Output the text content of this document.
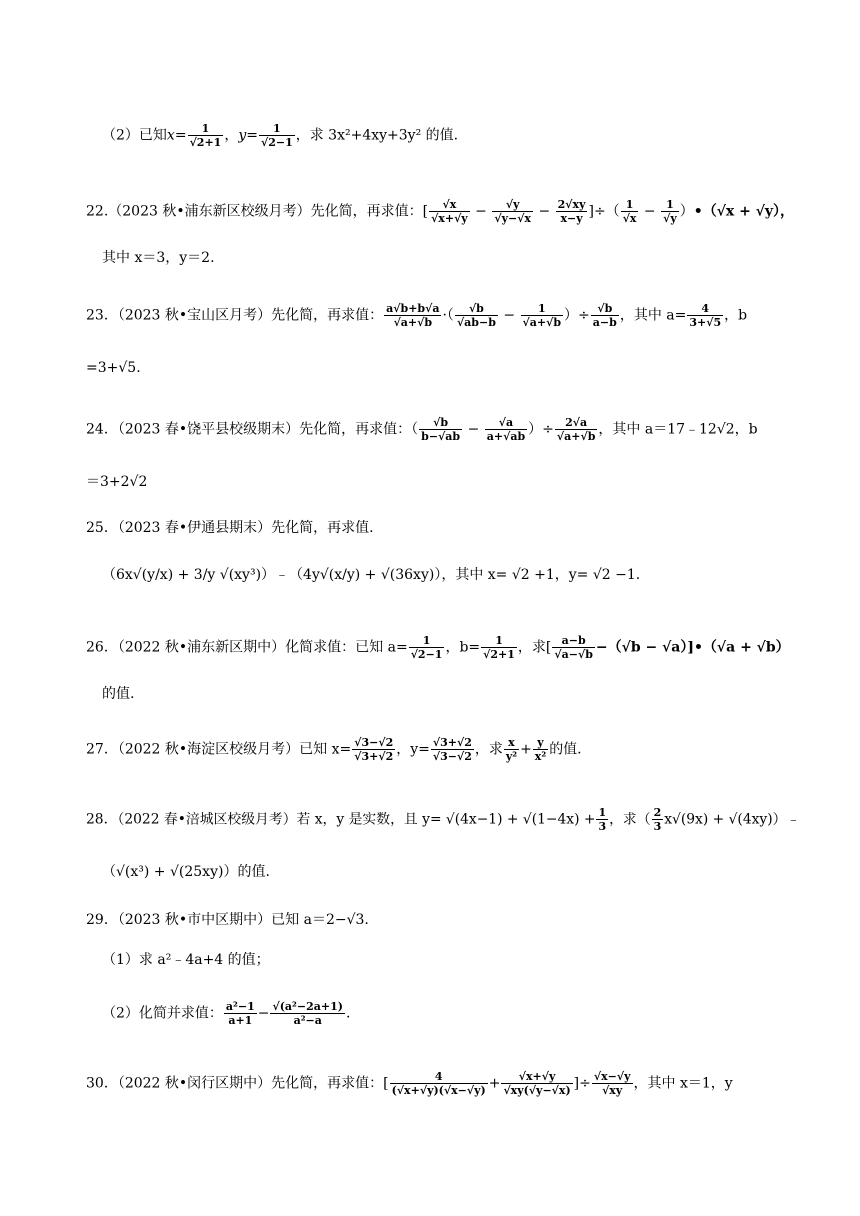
（2）已知$x= \frac{1}{√2+1}$ ，$y= \frac{1}{√2-1}$ ，求 3x²+4xy+3y² 的值.
22.（2023 秋•浦东新区校级月考）先化简，再求值：[ $\frac{√x}{√x+√y} - \frac{√y}{√y-√x} - \frac{2√xy}{x-y}$ ]÷（ $\frac{1}{√x} - \frac{1}{√y}$ ）•（√x + √y），
其中 x＝3，y＝2.
23．（2023 秋•宝山区月考）先化简，再求值： $\frac{a√b+b√a}{√a+√b}$ ·（ $\frac{√b}{√ab-b} - \frac{1}{√a+√b}$ ）÷ $\frac{√b}{a-b}$ ，其中 $a= \frac{4}{3+√5}$ ，b
=3+√5.
24．（2023 春•饶平县校级期末）先化简，再求值：（ $\frac{√b}{b-√ab} - \frac{√a}{a+√ab}$ ）÷ $\frac{2√a}{√a+√b}$ ，其中 a＝17﹣12√2，b
＝3+2√2
25．（2023 春•伊通县期末）先化简，再求值.
（6x√(y/x) + 3/y √(xy³)）﹣（4y√(x/y) + √(36xy)），其中 x= √2 +1，y= √2 −1.
26．（2022 秋•浦东新区期中）化简求值：已知 $a= \frac{1}{√2-1}$ ，$b= \frac{1}{√2+1}$ ，求[ $\frac{a-b}{√a-√b} -(√b$ − √a）]•（√a + √b）
的值.
27．（2022 秋•海淀区校级月考）已知 $x= \frac{√3-√2}{√3+√2}$ ，$y= \frac{√3+√2}{√3-√2}$ ，求 $\frac{x}{\text{y²}} + \frac{y}{\text{x²}}$ 的值.
28．（2022 春•涪城区校级月考）若 x，y 是实数，且 $y= √(4x-1) + √(1-4x) + \frac{1}{3}$ ，求（ $\frac{2}{3} x√(9x)$ + √(4xy)）﹣
（√(x³) + √(25xy)）的值.
29．（2023 秋•市中区期中）已知 a＝2−√3.
（1）求 a²﹣4a+4 的值；
（2）化简并求值： $\frac{\text{a²−1}}{a+1} - \frac{\text{√(a²−2a+1)}}{\text{a²−a}}$ .
30．（2022 秋•闵行区期中）先化简，再求值：[ $\frac{4}{(√x+√y)(√x-√y)} + \frac{√x+√y}{√xy(√y-√x)}$ ]÷ $\frac{√x-√y}{√xy}$ ，其中 x＝1，y
